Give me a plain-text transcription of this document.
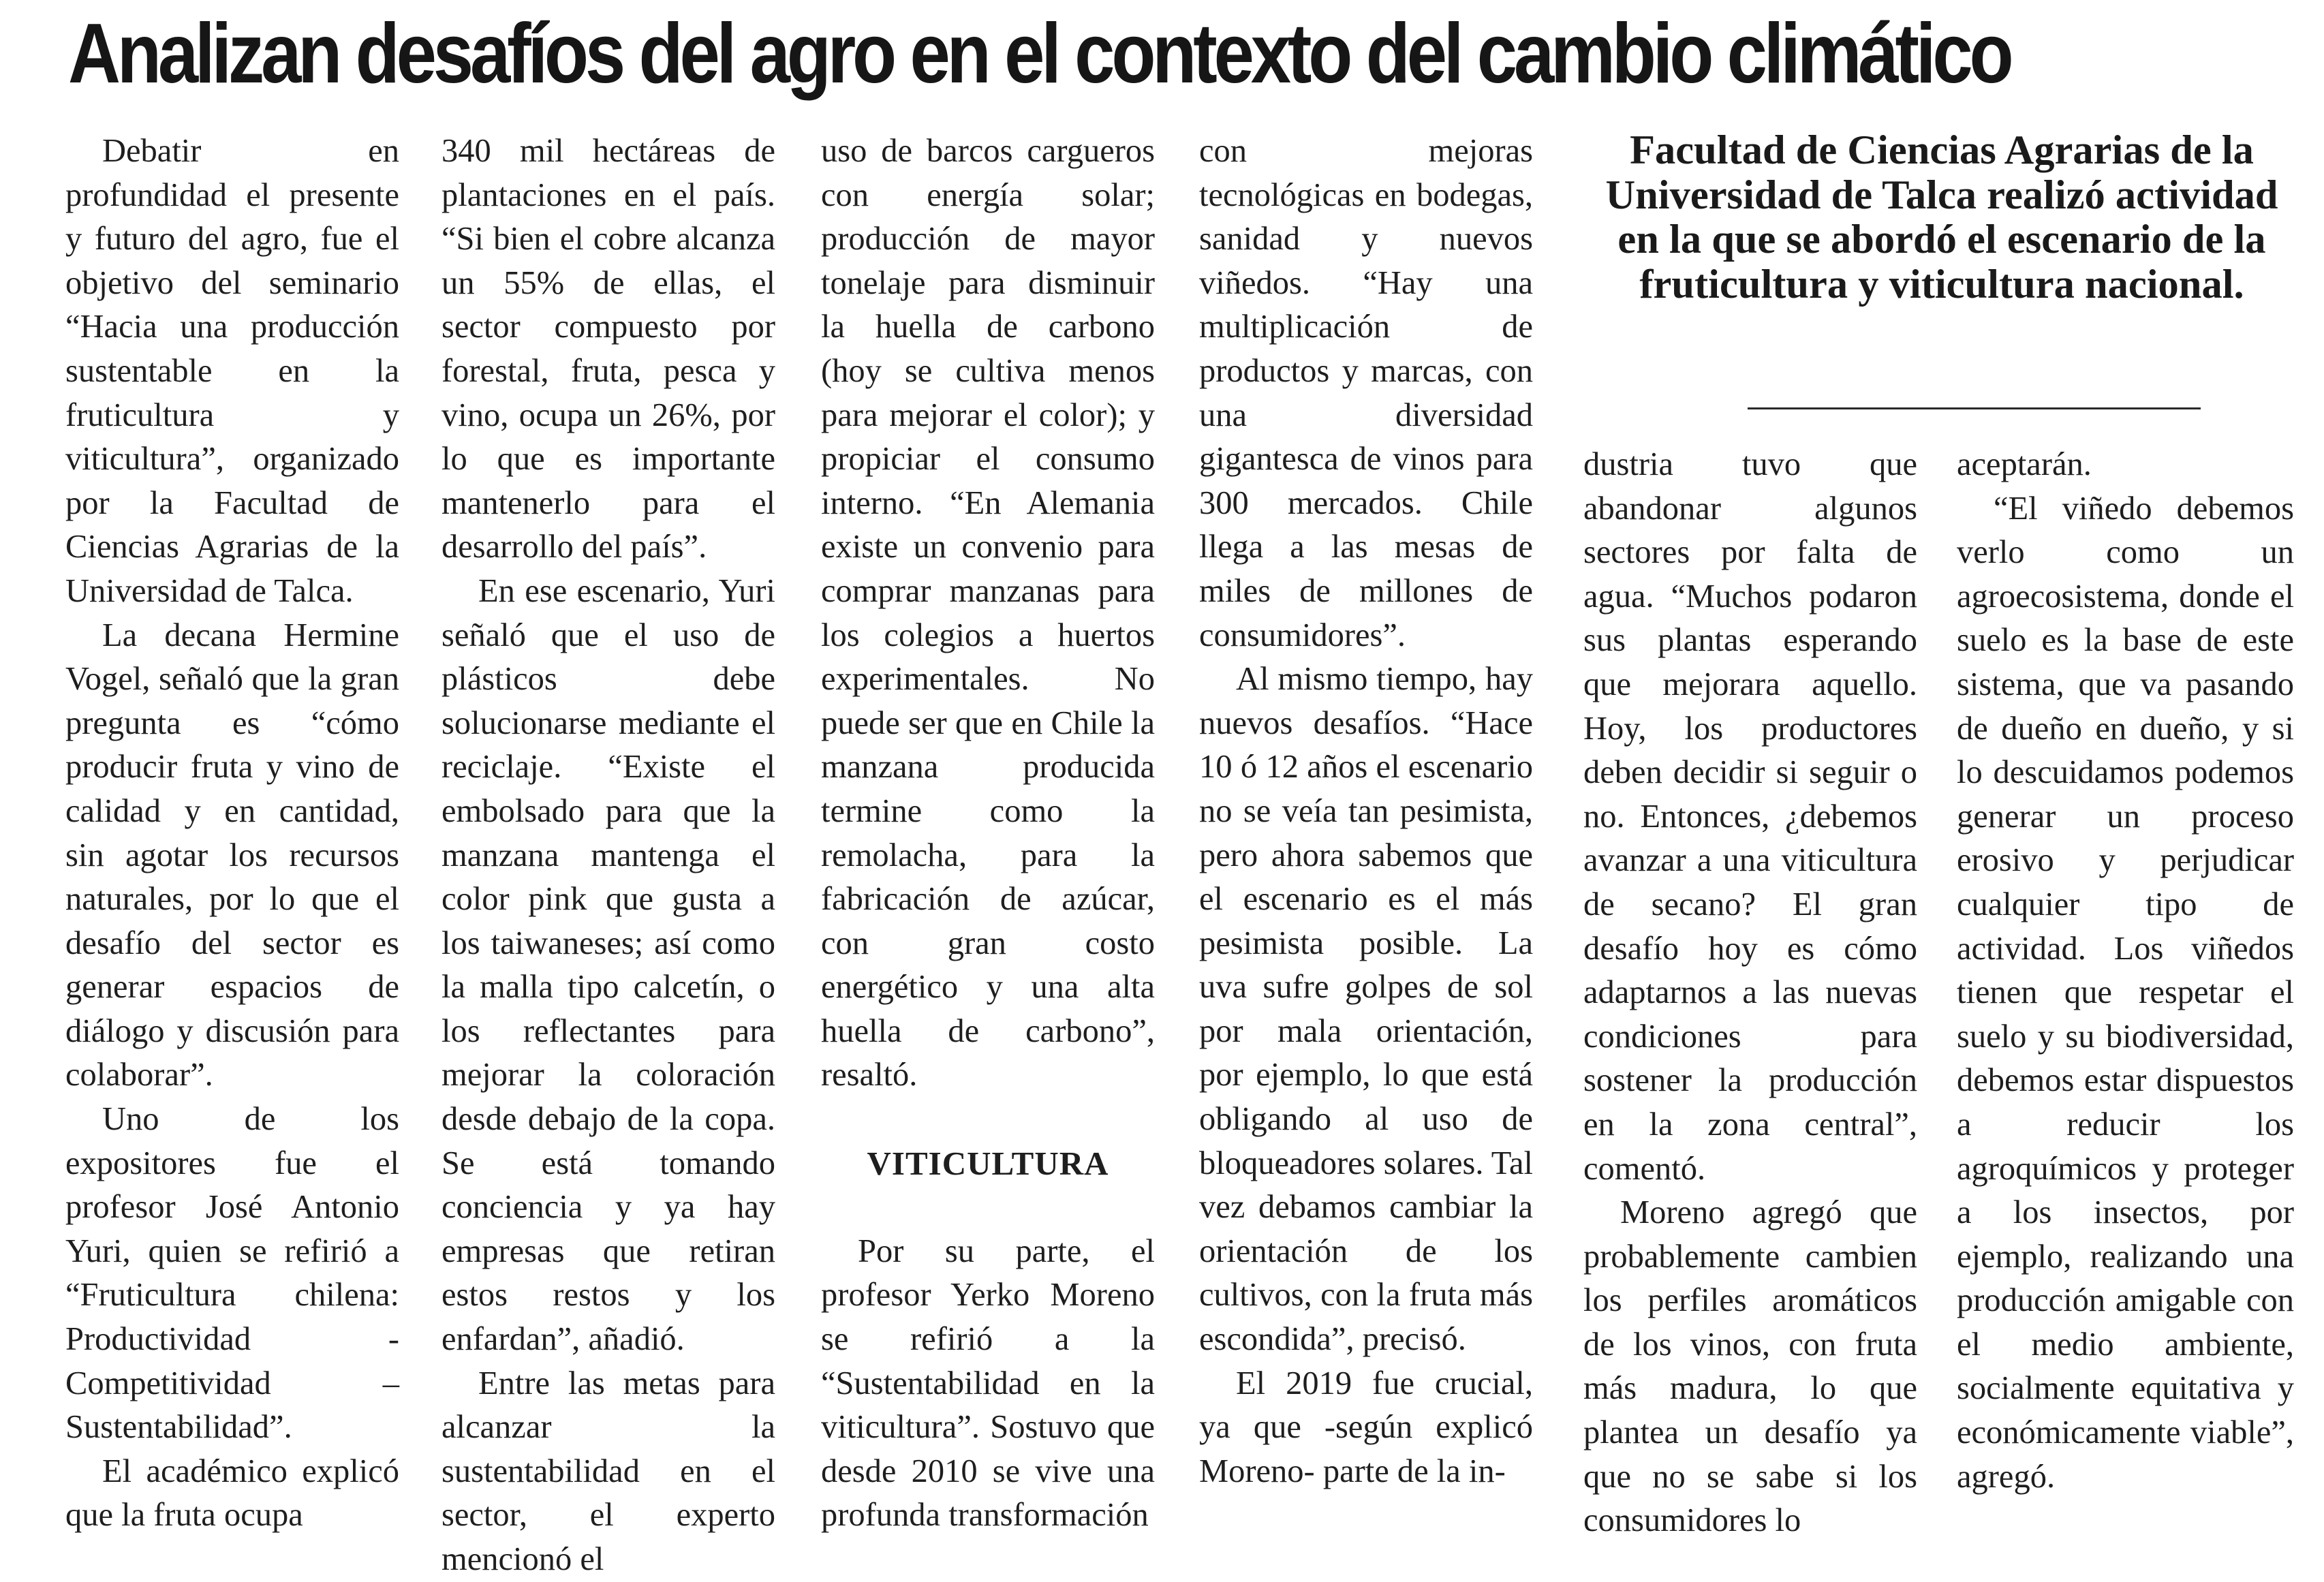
Analizan desafíos del agro en el contexto del cambio climático

Debatir en profundidad el presente y futuro del agro, fue el objetivo del seminario “Hacia una producción sustentable en la fruticultura y viticultura”, organizado por la Facultad de Ciencias Agrarias de la Universidad de Talca.

La decana Hermine Vogel, señaló que la gran pregunta es “cómo producir fruta y vino de calidad y en cantidad, sin agotar los recursos naturales, por lo que el desafío del sector es generar espacios de diálogo y discusión para colaborar”.

Uno de los expositores fue el profesor José Antonio Yuri, quien se refirió a “Fruticultura chilena: Productividad - Competitividad – Sustentabilidad”.

El académico explicó que la fruta ocupa

340 mil hectáreas de plantaciones en el país. “Si bien el cobre alcanza un 55% de ellas, el sector compuesto por forestal, fruta, pesca y vino, ocupa un 26%, por lo que es importante mantenerlo para el desarrollo del país”.

En ese escenario, Yuri señaló que el uso de plásticos debe solucionarse mediante el reciclaje. “Existe el embolsado para que la manzana mantenga el color pink que gusta a los taiwaneses; así como la malla tipo calcetín, o los reflectantes para mejorar la coloración desde debajo de la copa. Se está tomando conciencia y ya hay empresas que retiran estos restos y los enfardan”, añadió.

Entre las metas para alcanzar la sustentabilidad en el sector, el experto mencionó el

uso de barcos cargueros con energía solar; producción de mayor tonelaje para disminuir la huella de carbono (hoy se cultiva menos para mejorar el color); y propiciar el consumo interno. “En Alemania existe un convenio para comprar manzanas para los colegios a huertos experimentales. No puede ser que en Chile la manzana producida termine como la remolacha, para la fabricación de azúcar, con gran costo energético y una alta huella de carbono”, resaltó.

VITICULTURA

Por su parte, el profesor Yerko Moreno se refirió a la “Sustentabilidad en la viticultura”. Sostuvo que desde 2010 se vive una profunda transformación

con mejoras tecnológicas en bodegas, sanidad y nuevos viñedos. “Hay una multiplicación de productos y marcas, con una diversidad gigantesca de vinos para 300 mercados. Chile llega a las mesas de miles de millones de consumidores”.

Al mismo tiempo, hay nuevos desafíos. “Hace 10 ó 12 años el escenario no se veía tan pesimista, pero ahora sabemos que el escenario es el más pesimista posible. La uva sufre golpes de sol por mala orientación, por ejemplo, lo que está obligando al uso de bloqueadores solares. Tal vez debamos cambiar la orientación de los cultivos, con la fruta más escondida”, precisó.

El 2019 fue crucial, ya que -según explicó Moreno- parte de la in-

Facultad de Ciencias Agrarias de la Universidad de Talca realizó actividad en la que se abordó el escenario de la fruticultura y viticultura nacional.

dustria tuvo que abandonar algunos sectores por falta de agua. “Muchos podaron sus plantas esperando que mejorara aquello. Hoy, los productores deben decidir si seguir o no. Entonces, ¿debemos avanzar a una viticultura de secano? El gran desafío hoy es cómo adaptarnos a las nuevas condiciones para sostener la producción en la zona central”, comentó.

Moreno agregó que probablemente cambien los perfiles aromáticos de los vinos, con fruta más madura, lo que plantea un desafío ya que no se sabe si los consumidores lo

aceptarán.

“El viñedo debemos verlo como un agroecosistema, donde el suelo es la base de este sistema, que va pasando de dueño en dueño, y si lo descuidamos podemos generar un proceso erosivo y perjudicar cualquier tipo de actividad. Los viñedos tienen que respetar el suelo y su biodiversidad, debemos estar dispuestos a reducir los agroquímicos y proteger a los insectos, por ejemplo, realizando una producción amigable con el medio ambiente, socialmente equitativa y económicamente viable”, agregó.
